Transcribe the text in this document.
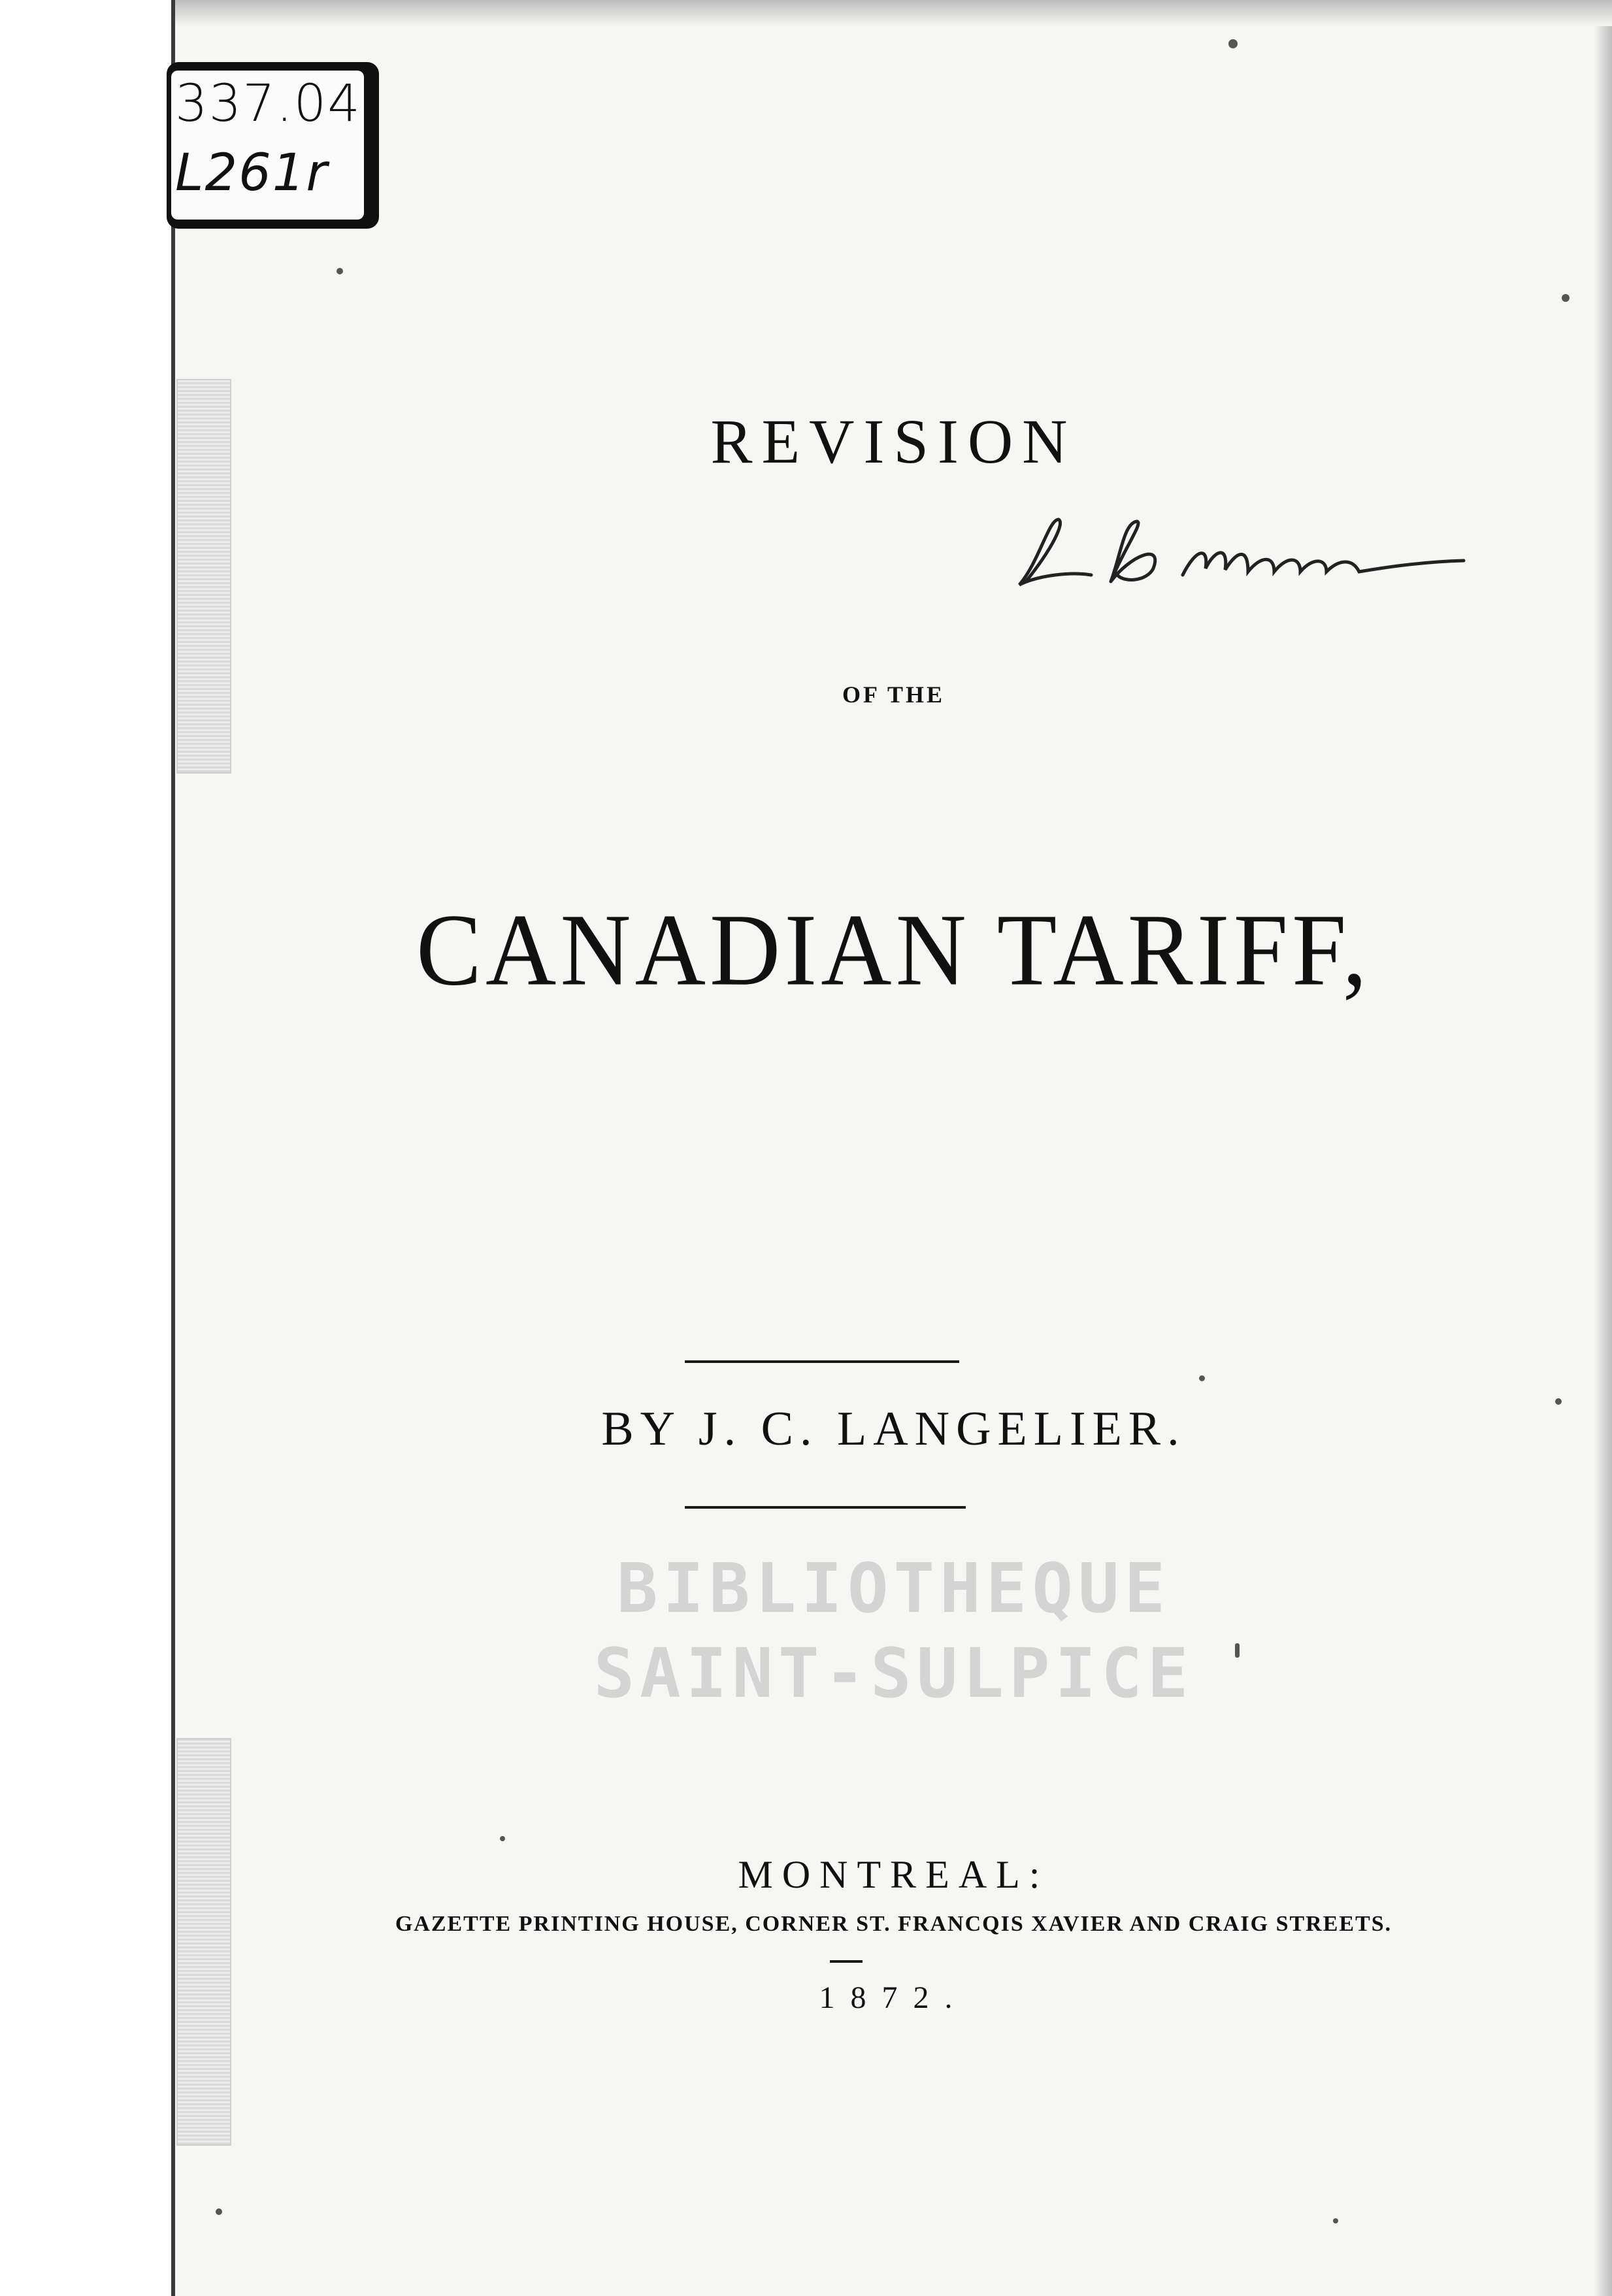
337.04
L261r
REVISION
OF THE
CANADIAN TARIFF,
BY J. C. LANGELIER.
BIBLIOTHEQUE
SAINT-SULPICE
MONTREAL:
GAZETTE PRINTING HOUSE, CORNER ST. FRANCQIS XAVIER AND CRAIG STREETS.
1872.
